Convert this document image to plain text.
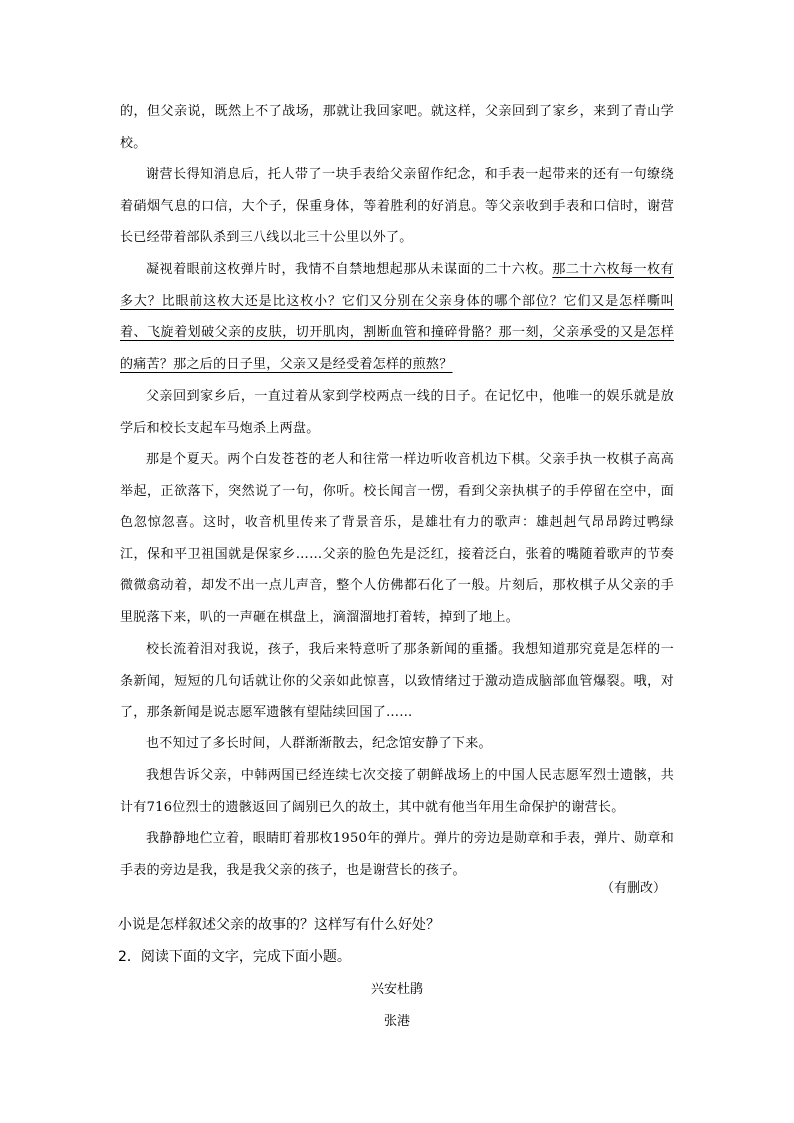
的，但父亲说，既然上不了战场，那就让我回家吧。就这样，父亲回到了家乡，来到了青山学校。

谢营长得知消息后，托人带了一块手表给父亲留作纪念，和手表一起带来的还有一句缭绕着硝烟气息的口信，大个子，保重身体，等着胜利的好消息。等父亲收到手表和口信时，谢营长已经带着部队杀到三八线以北三十公里以外了。

凝视着眼前这枚弹片时，我情不自禁地想起那从未谋面的二十六枚。那二十六枚每一枚有多大？比眼前这枚大还是比这枚小？它们又分别在父亲身体的哪个部位？它们又是怎样嘶叫着、飞旋着划破父亲的皮肤，切开肌肉，割断血管和撞碎骨骼？那一刻，父亲承受的又是怎样的痛苦？那之后的日子里，父亲又是经受着怎样的煎熬？

父亲回到家乡后，一直过着从家到学校两点一线的日子。在记忆中，他唯一的娱乐就是放学后和校长支起车马炮杀上两盘。

那是个夏天。两个白发苍苍的老人和往常一样边听收音机边下棋。父亲手执一枚棋子高高举起，正欲落下，突然说了一句，你听。校长闻言一愣，看到父亲执棋子的手停留在空中，面色忽惊忽喜。这时，收音机里传来了背景音乐，是雄壮有力的歌声：雄赳赳气昂昂跨过鸭绿江，保和平卫祖国就是保家乡……父亲的脸色先是泛红，接着泛白，张着的嘴随着歌声的节奏微微翕动着，却发不出一点儿声音，整个人仿佛都石化了一般。片刻后，那枚棋子从父亲的手里脱落下来，叭的一声砸在棋盘上，滴溜溜地打着转，掉到了地上。

校长流着泪对我说，孩子，我后来特意听了那条新闻的重播。我想知道那究竟是怎样的一条新闻，短短的几句话就让你的父亲如此惊喜，以致情绪过于激动造成脑部血管爆裂。哦，对了，那条新闻是说志愿军遗骸有望陆续回国了……

也不知过了多长时间，人群渐渐散去，纪念馆安静了下来。

我想告诉父亲，中韩两国已经连续七次交接了朝鲜战场上的中国人民志愿军烈士遗骸，共计有716位烈士的遗骸返回了阔别已久的故土，其中就有他当年用生命保护的谢营长。

我静静地伫立着，眼睛盯着那枚1950年的弹片。弹片的旁边是勋章和手表，弹片、勋章和手表的旁边是我，我是我父亲的孩子，也是谢营长的孩子。

（有删改）

小说是怎样叙述父亲的故事的？这样写有什么好处？

2．阅读下面的文字，完成下面小题。

兴安杜鹃

张港
